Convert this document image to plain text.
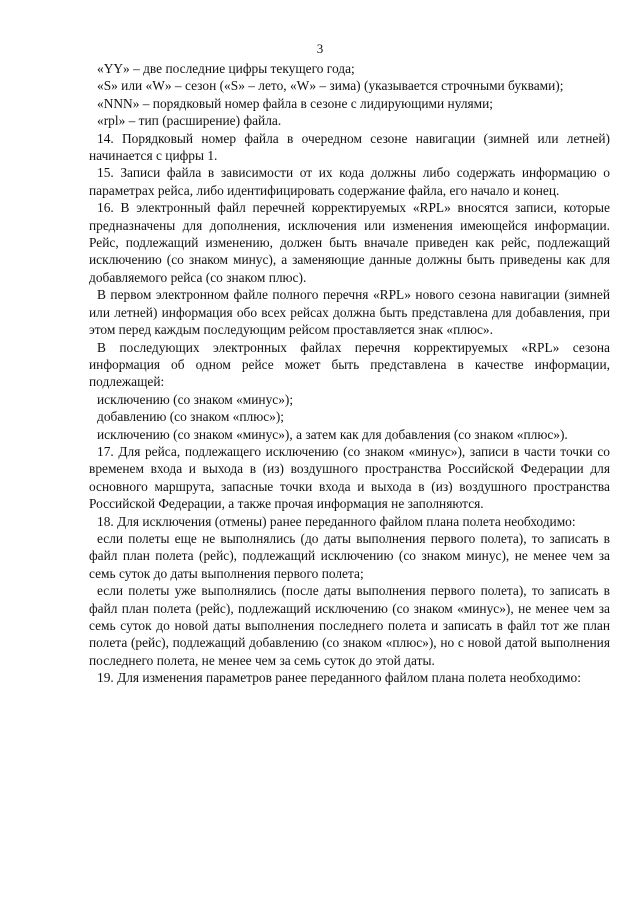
3

«YY» – две последние цифры текущего года;

«S» или «W» – сезон («S» – лето, «W» – зима) (указывается строчными буквами);

«NNN» – порядковый номер файла в сезоне с лидирующими нулями;

«rpl» – тип (расширение) файла.

14. Порядковый номер файла в очередном сезоне навигации (зимней или летней) начинается с цифры 1.

15. Записи файла в зависимости от их кода должны либо содержать информацию о параметрах рейса, либо идентифицировать содержание файла, его начало и конец.

16. В электронный файл перечней корректируемых «RPL» вносятся записи, которые предназначены для дополнения, исключения или изменения имеющейся информации. Рейс, подлежащий изменению, должен быть вначале приведен как рейс, подлежащий исключению (со знаком минус), а заменяющие данные должны быть приведены как для добавляемого рейса (со знаком плюс).

В первом электронном файле полного перечня «RPL» нового сезона навигации (зимней или летней) информация обо всех рейсах должна быть представлена для добавления, при этом перед каждым последующим рейсом проставляется знак «плюс».

В последующих электронных файлах перечня корректируемых «RPL» сезона информация об одном рейсе может быть представлена в качестве информации, подлежащей:

исключению (со знаком «минус»);

добавлению (со знаком «плюс»);

исключению (со знаком «минус»), а затем как для добавления (со знаком «плюс»).

17. Для рейса, подлежащего исключению (со знаком «минус»), записи в части точки со временем входа и выхода в (из) воздушного пространства Российской Федерации для основного маршрута, запасные точки входа и выхода в (из) воздушного пространства Российской Федерации, а также прочая информация не заполняются.

18. Для исключения (отмены) ранее переданного файлом плана полета необходимо:

если полеты еще не выполнялись (до даты выполнения первого полета), то записать в файл план полета (рейс), подлежащий исключению (со знаком минус), не менее чем за семь суток до даты выполнения первого полета;

если полеты уже выполнялись (после даты выполнения первого полета), то записать в файл план полета (рейс), подлежащий исключению (со знаком «минус»), не менее чем за семь суток до новой даты выполнения последнего полета и записать в файл тот же план полета (рейс), подлежащий добавлению (со знаком «плюс»), но с новой датой выполнения последнего полета, не менее чем за семь суток до этой даты.

19. Для изменения параметров ранее переданного файлом плана полета необходимо:
